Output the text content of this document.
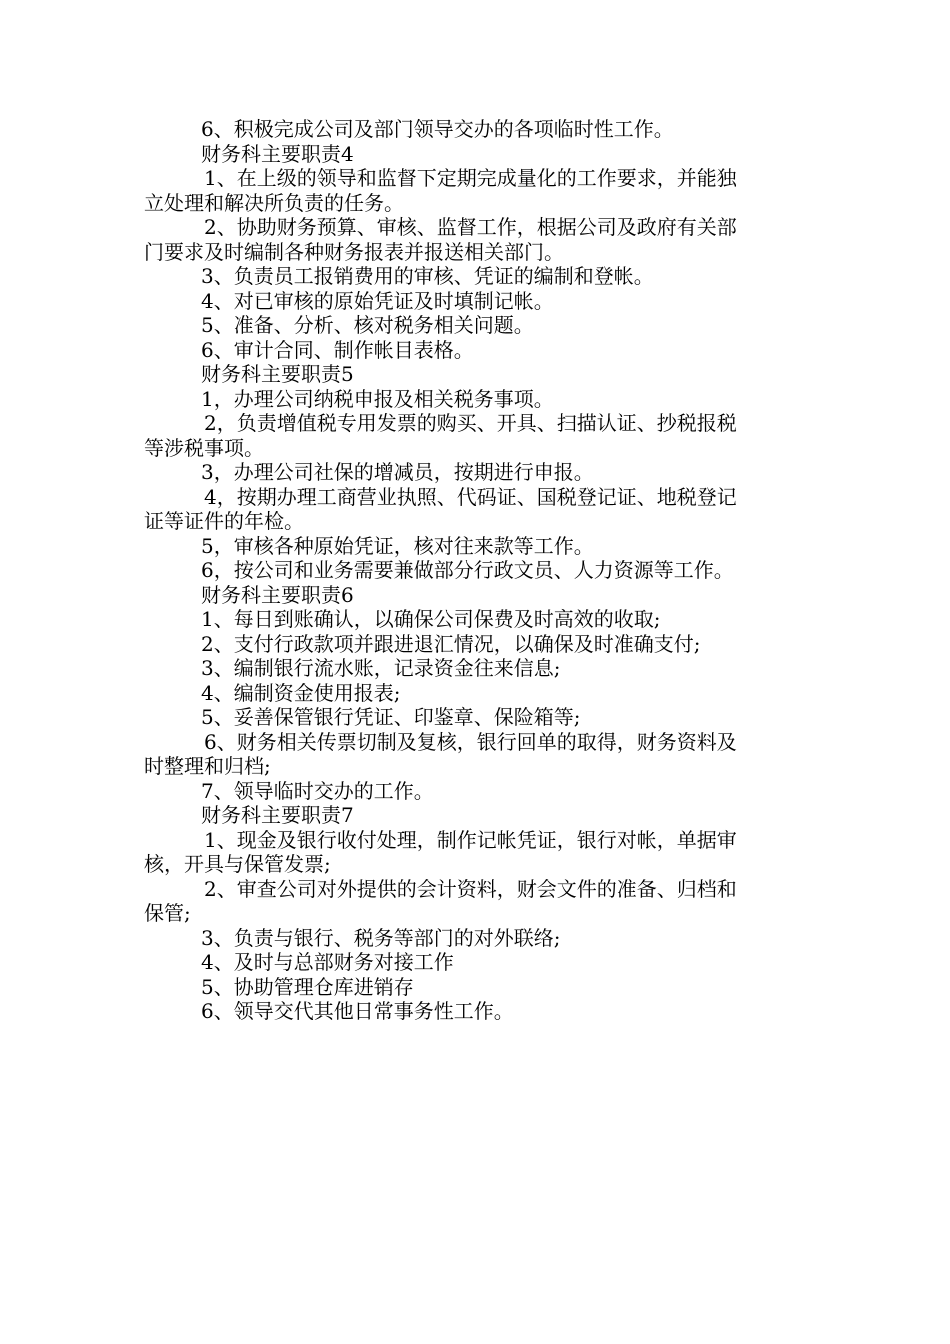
6、积极完成公司及部门领导交办的各项临时性工作。

财务科主要职责4

1、在上级的领导和监督下定期完成量化的工作要求，并能独

立处理和解决所负责的任务。

2、协助财务预算、审核、监督工作，根据公司及政府有关部

门要求及时编制各种财务报表并报送相关部门。

3、负责员工报销费用的审核、凭证的编制和登帐。

4、对已审核的原始凭证及时填制记帐。

5、准备、分析、核对税务相关问题。

6、审计合同、制作帐目表格。

财务科主要职责5

1，办理公司纳税申报及相关税务事项。

2，负责增值税专用发票的购买、开具、扫描认证、抄税报税

等涉税事项。

3，办理公司社保的增减员，按期进行申报。

4，按期办理工商营业执照、代码证、国税登记证、地税登记

证等证件的年检。

5，审核各种原始凭证，核对往来款等工作。

6，按公司和业务需要兼做部分行政文员、人力资源等工作。

财务科主要职责6

1、每日到账确认，以确保公司保费及时高效的收取;

2、支付行政款项并跟进退汇情况，以确保及时准确支付;

3、编制银行流水账，记录资金往来信息;

4、编制资金使用报表;

5、妥善保管银行凭证、印鉴章、保险箱等;

6、财务相关传票切制及复核，银行回单的取得，财务资料及

时整理和归档;

7、领导临时交办的工作。

财务科主要职责7

1、现金及银行收付处理，制作记帐凭证，银行对帐，单据审

核，开具与保管发票;

2、审查公司对外提供的会计资料，财会文件的准备、归档和

保管;

3、负责与银行、税务等部门的对外联络;

4、及时与总部财务对接工作

5、协助管理仓库进销存

6、领导交代其他日常事务性工作。
